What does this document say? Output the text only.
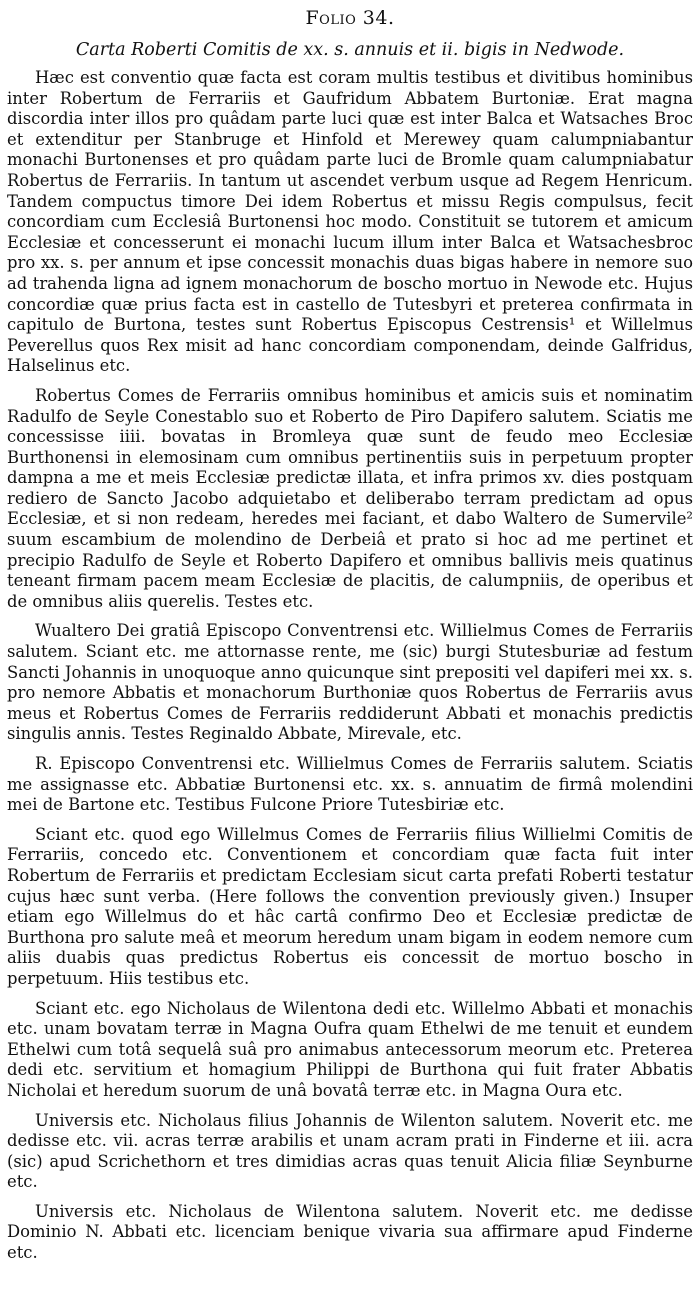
Folio 34.
Carta Roberti Comitis de xx. s. annuis et ii. bigis in Nedwode.

Hæc est conventio quæ facta est coram multis testibus et divitibus hominibus inter Robertum de Ferrariis et Gaufridum Abbatem Burtoniæ. Erat magna discordia inter illos pro quâdam parte luci quæ est inter Balca et Watsaches Broc et extenditur per Stanbruge et Hinfold et Merewey quam calumpniabantur monachi Burtonenses et pro quâdam parte luci de Bromle quam calumpniabatur Robertus de Ferrariis. In tantum ut ascendet verbum usque ad Regem Henricum. Tandem compuctus timore Dei idem Robertus et missu Regis compulsus, fecit concordiam cum Ecclesiâ Burtonensi hoc modo. Constituit se tutorem et amicum Ecclesiæ et concesserunt ei monachi lucum illum inter Balca et Watsachesbroc pro xx. s. per annum et ipse concessit monachis duas bigas habere in nemore suo ad trahenda ligna ad ignem monachorum de boscho mortuo in Newode etc. Hujus concordiæ quæ prius facta est in castello de Tutesbyri et preterea confirmata in capitulo de Burtona, testes sunt Robertus Episcopus Cestrensis¹ et Willelmus Peverellus quos Rex misit ad hanc concordiam componendam, deinde Galfridus, Halselinus etc.

Robertus Comes de Ferrariis omnibus hominibus et amicis suis et nominatim Radulfo de Seyle Conestablo suo et Roberto de Piro Dapifero salutem. Sciatis me concessisse iiii. bovatas in Bromleya quæ sunt de feudo meo Ecclesiæ Burthonensi in elemosinam cum omnibus pertinentiis suis in perpetuum propter dampna a me et meis Ecclesiæ predictæ illata, et infra primos xv. dies postquam rediero de Sancto Jacobo adquietabo et deliberabo terram predictam ad opus Ecclesiæ, et si non redeam, heredes mei faciant, et dabo Waltero de Sumervile² suum escambium de molendino de Derbeiâ et prato si hoc ad me pertinet et precipio Radulfo de Seyle et Roberto Dapifero et omnibus ballivis meis quatinus teneant firmam pacem meam Ecclesiæ de placitis, de calumpniis, de operibus et de omnibus aliis querelis. Testes etc.

Wualtero Dei gratiâ Episcopo Conventrensi etc. Willielmus Comes de Ferrariis salutem. Sciant etc. me attornasse rente, me (sic) burgi Stutesburiæ ad festum Sancti Johannis in unoquoque anno quicunque sint prepositi vel dapiferi mei xx. s. pro nemore Abbatis et monachorum Burthoniæ quos Robertus de Ferrariis avus meus et Robertus Comes de Ferrariis reddiderunt Abbati et monachis predictis singulis annis. Testes Reginaldo Abbate, Mirevale, etc.

R. Episcopo Conventrensi etc. Willielmus Comes de Ferrariis salutem. Sciatis me assignasse etc. Abbatiæ Burtonensi etc. xx. s. annuatim de firmâ molendini mei de Bartone etc. Testibus Fulcone Priore Tutesbiriæ etc.

Sciant etc. quod ego Willelmus Comes de Ferrariis filius Willielmi Comitis de Ferrariis, concedo etc. Conventionem et concordiam quæ facta fuit inter Robertum de Ferrariis et predictam Ecclesiam sicut carta prefati Roberti testatur cujus hæc sunt verba. (Here follows the convention previously given.) Insuper etiam ego Willelmus do et hâc cartâ confirmo Deo et Ecclesiæ predictæ de Burthona pro salute meâ et meorum heredum unam bigam in eodem nemore cum aliis duabis quas predictus Robertus eis concessit de mortuo boscho in perpetuum. Hiis testibus etc.

Sciant etc. ego Nicholaus de Wilentona dedi etc. Willelmo Abbati et monachis etc. unam bovatam terræ in Magna Oufra quam Ethelwi de me tenuit et eundem Ethelwi cum totâ sequelâ suâ pro animabus antecessorum meorum etc. Preterea dedi etc. servitium et homagium Philippi de Burthona qui fuit frater Abbatis Nicholai et heredum suorum de unâ bovatâ terræ etc. in Magna Oura etc.

Universis etc. Nicholaus filius Johannis de Wilenton salutem. Noverit etc. me dedisse etc. vii. acras terræ arabilis et unam acram prati in Finderne et iii. acra (sic) apud Scrichethorn et tres dimidias acras quas tenuit Alicia filiæ Seynburne etc.

Universis etc. Nicholaus de Wilentona salutem. Noverit etc. me dedisse Dominio N. Abbati etc. licenciam benique vivaria sua affirmare apud Finderne etc.
